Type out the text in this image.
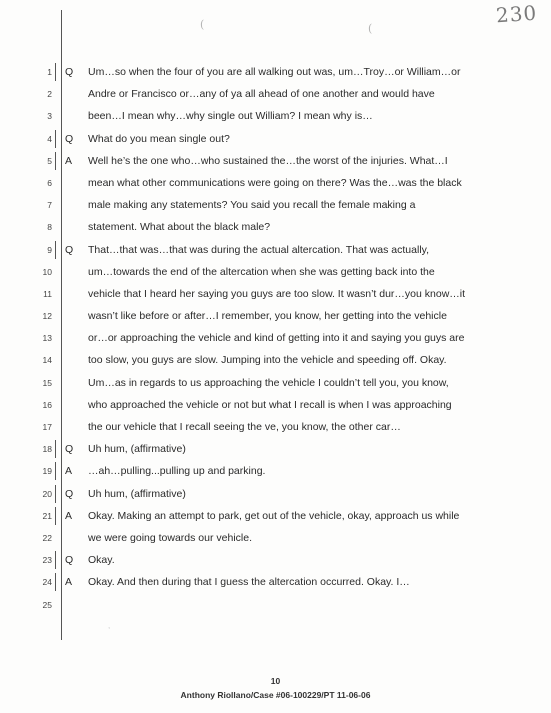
230
(	(
1 Q Um…so when the four of you are all walking out was, um…Troy…or William…or
2	Andre or Francisco or…any of ya all ahead of one another and would have
3	been…I mean why…why single out William? I mean why is…
4 Q What do you mean single out?
5 A Well he’s the one who…who sustained the…the worst of the injuries. What…I
6	mean what other communications were going on there? Was the…was the black
7	male making any statements? You said you recall the female making a
8	statement. What about the black male?
9 Q That…that was…that was during the actual altercation. That was actually,
10	um…towards the end of the altercation when she was getting back into the
11	vehicle that I heard her saying you guys are too slow. It wasn’t dur…you know…it
12	wasn’t like before or after…I remember, you know, her getting into the vehicle
13	or…or approaching the vehicle and kind of getting into it and saying you guys are
14	too slow, you guys are slow. Jumping into the vehicle and speeding off. Okay.
15	Um…as in regards to us approaching the vehicle I couldn’t tell you, you know,
16	who approached the vehicle or not but what I recall is when I was approaching
17	the our vehicle that I recall seeing the ve, you know, the other car…
18 Q Uh hum, (affirmative)
19 A …ah…pulling...pulling up and parking.
20 Q Uh hum, (affirmative)
21 A Okay. Making an attempt to park, get out of the vehicle, okay, approach us while
22	we were going towards our vehicle.
23 Q Okay.
24 A Okay. And then during that I guess the altercation occurred. Okay. I…
25
,
10
Anthony Riollano/Case #06-100229/PT 11-06-06
